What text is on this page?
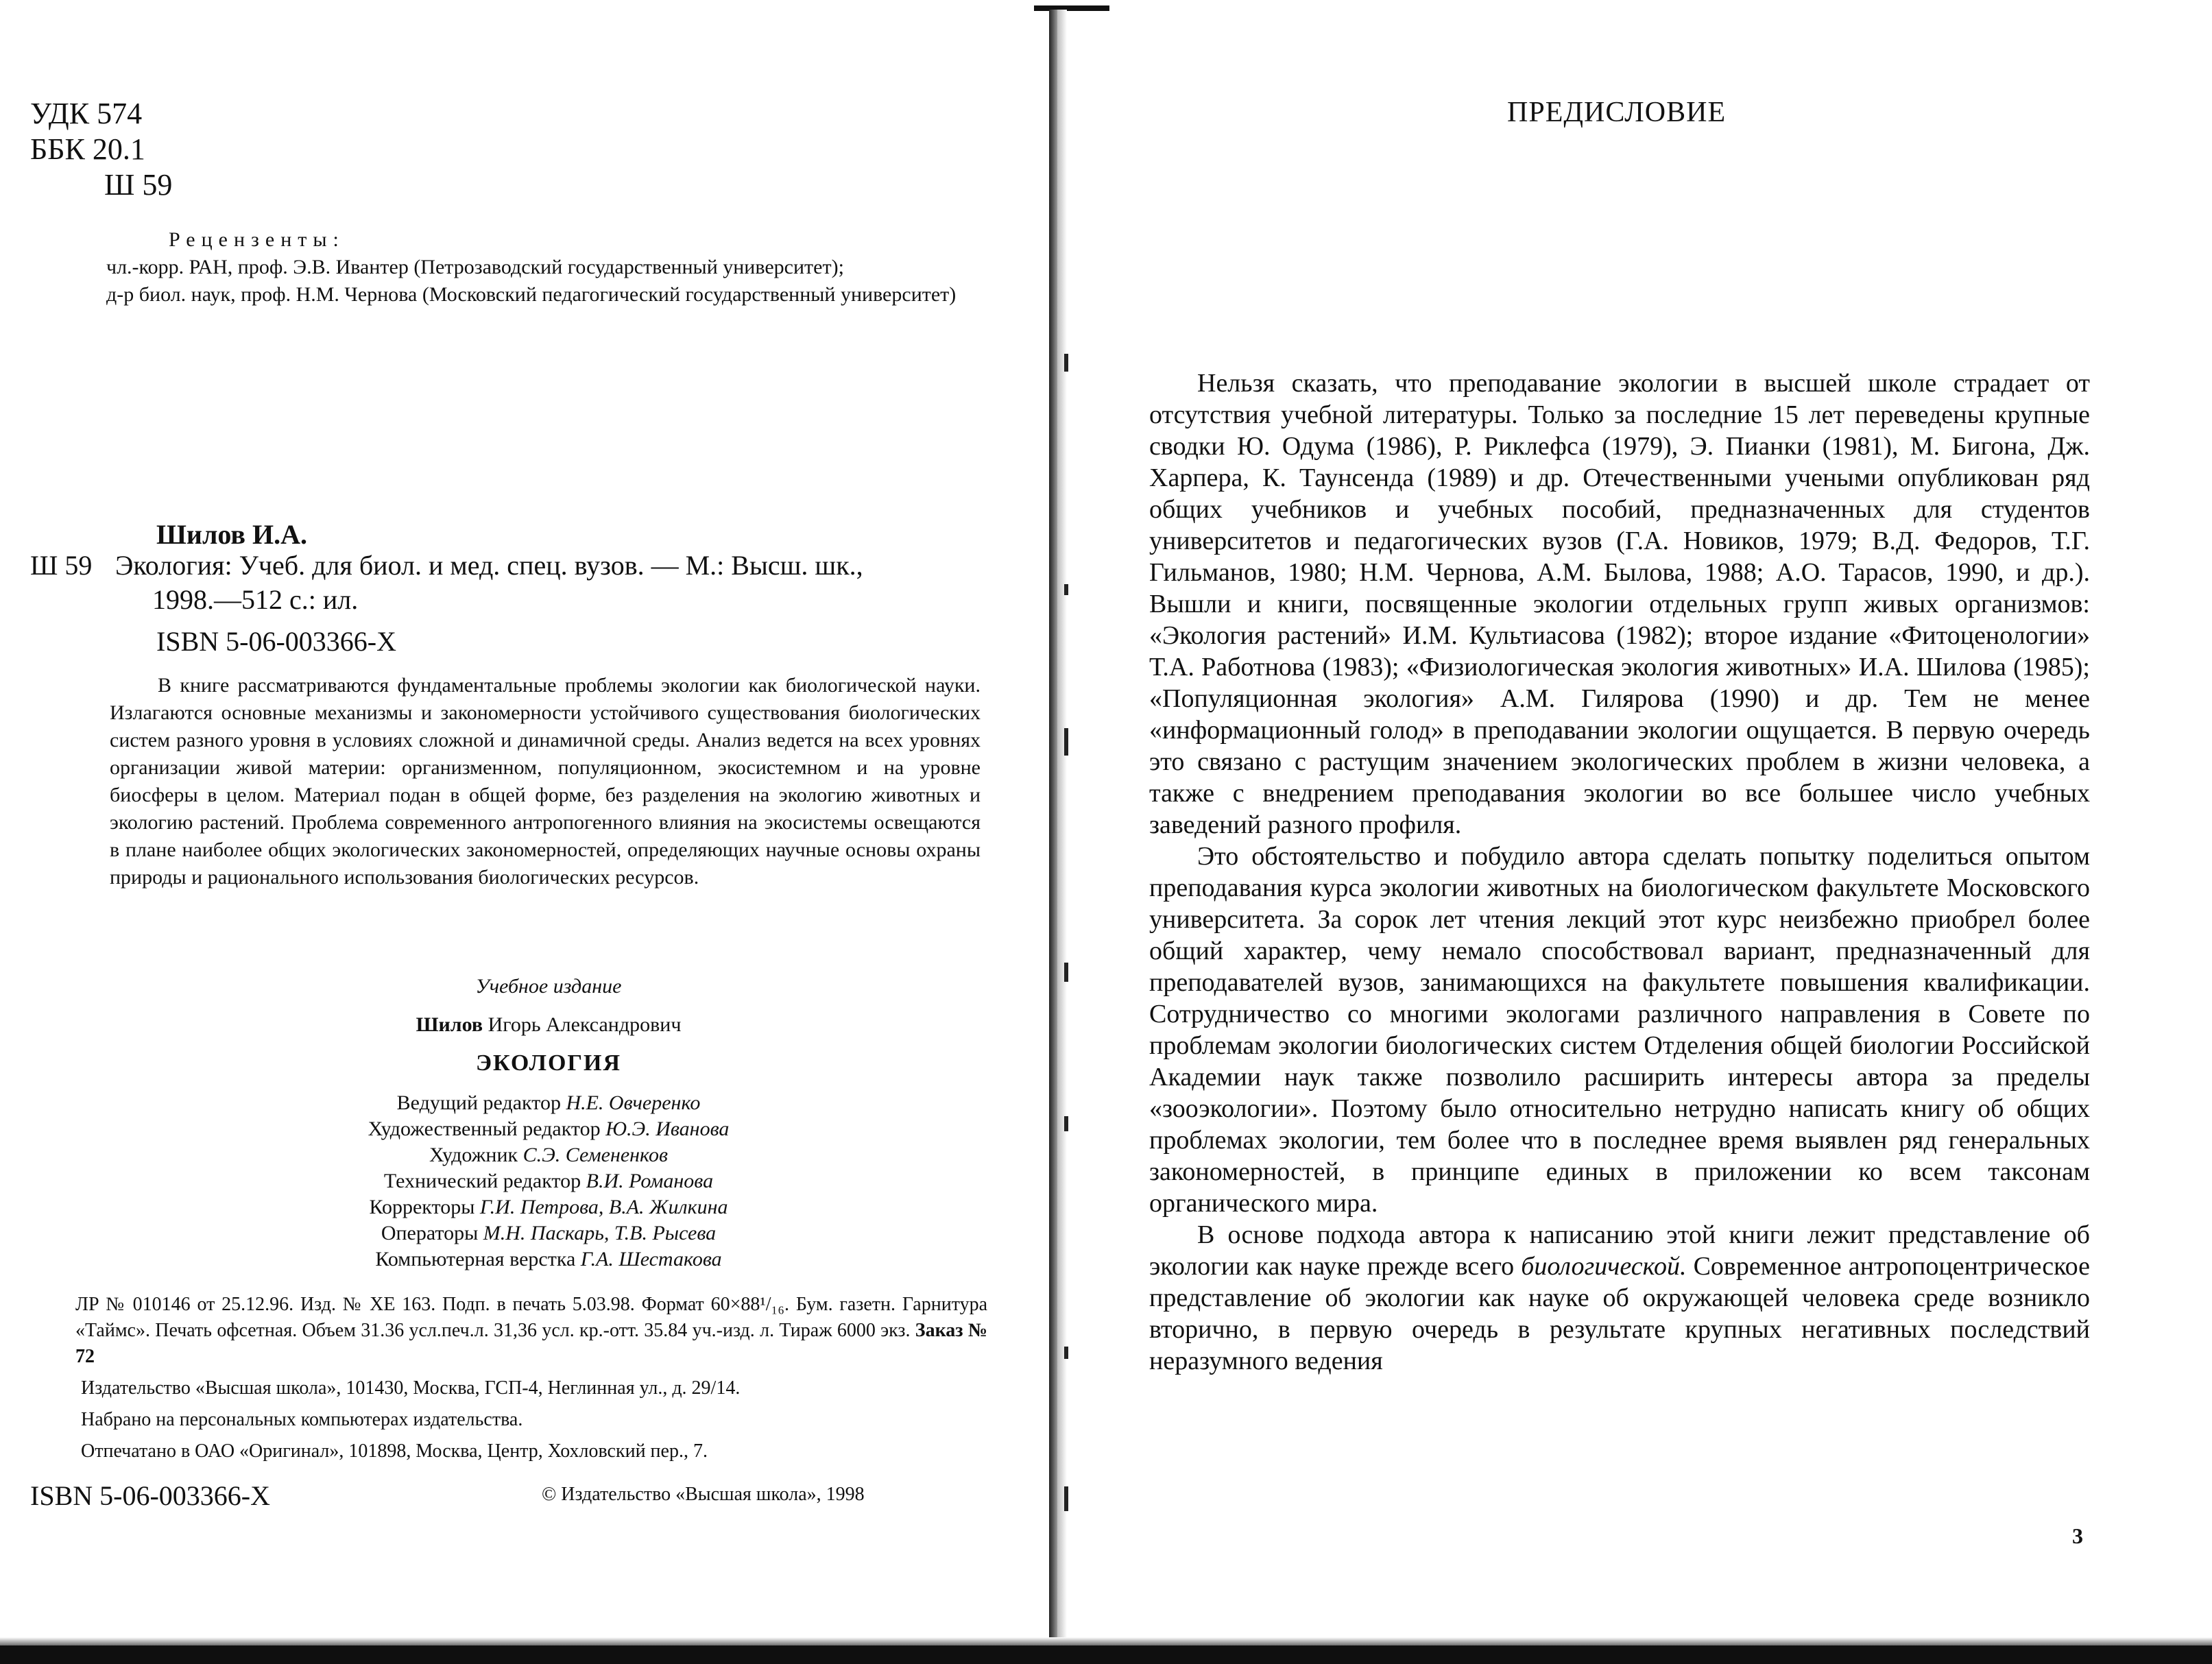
УДК 574
ББК 20.1
Ш 59
Рецензенты:
чл.-корр. РАН, проф. Э.В. Ивантер (Петрозаводский государственный университет);
д-р биол. наук, проф. Н.М. Чернова (Московский педагогический государственный университет)
Шилов И.А.
Ш 59 Экология: Учеб. для биол. и мед. спец. вузов. — М.: Высш. шк.,
1998.—512 с.: ил.
ISBN 5-06-003366-X
В книге рассматриваются фундаментальные проблемы экологии как биологической науки. Излагаются основные механизмы и закономерности устойчивого существования биологических систем разного уровня в условиях сложной и динамичной среды. Анализ ведется на всех уровнях организации живой материи: организменном, популяционном, экосистемном и на уровне биосферы в целом. Материал подан в общей форме, без разделения на экологию животных и экологию растений. Проблема современного антропогенного влияния на экосистемы освещаются в плане наиболее общих экологических закономерностей, определяющих научные основы охраны природы и рационального использования биологических ресурсов.
Учебное издание
Шилов Игорь Александрович
ЭКОЛОГИЯ
Ведущий редактор Н.Е. Овчеренко
Художественный редактор Ю.Э. Иванова
Художник С.Э. Семененков
Технический редактор В.И. Романова
Корректоры Г.И. Петрова, В.А. Жилкина
Операторы М.Н. Паскарь, Т.В. Рысева
Компьютерная верстка Г.А. Шестакова

ЛР № 010146 от 25.12.96. Изд. № ХЕ 163. Подп. в печать 5.03.98. Формат 60×88¹/₁₆. Бум. газетн. Гарнитура «Таймс». Печать офсетная. Объем 31.36 усл.печ.л. 31,36 усл. кр.-отт. 35.84 уч.-изд. л. Тираж 6000 экз. Заказ № 72

Издательство «Высшая школа», 101430, Москва, ГСП-4, Неглинная ул., д. 29/14.

Набрано на персональных компьютерах издательства.

Отпечатано в ОАО «Оригинал», 101898, Москва, Центр, Хохловский пер., 7.

ISBN 5-06-003366-X	© Издательство «Высшая школа», 1998
ПРЕДИСЛОВИЕ

Нельзя сказать, что преподавание экологии в высшей школе страдает от отсутствия учебной литературы. Только за последние 15 лет переведены крупные сводки Ю. Одума (1986), Р. Риклефса (1979), Э. Пианки (1981), М. Бигона, Дж. Харпера, К. Таунсенда (1989) и др. Отечественными учеными опубликован ряд общих учебников и учебных пособий, предназначенных для студентов университетов и педагогических вузов (Г.А. Новиков, 1979; В.Д. Федоров, Т.Г. Гильманов, 1980; Н.М. Чернова, А.М. Былова, 1988; А.О. Тарасов, 1990, и др.). Вышли и книги, посвященные экологии отдельных групп живых организмов: «Экология растений» И.М. Культиасова (1982); второе издание «Фитоценологии» Т.А. Работнова (1983); «Физиологическая экология животных» И.А. Шилова (1985); «Популяционная экология» А.М. Гилярова (1990) и др. Тем не менее «информационный голод» в преподавании экологии ощущается. В первую очередь это связано с растущим значением экологических проблем в жизни человека, а также с внедрением преподавания экологии во все большее число учебных заведений разного профиля.

Это обстоятельство и побудило автора сделать попытку поделиться опытом преподавания курса экологии животных на биологическом факультете Московского университета. За сорок лет чтения лекций этот курс неизбежно приобрел более общий характер, чему немало способствовал вариант, предназначенный для преподавателей вузов, занимающихся на факультете повышения квалификации. Сотрудничество со многими экологами различного направления в Совете по проблемам экологии биологических систем Отделения общей биологии Российской Академии наук также позволило расширить интересы автора за пределы «зооэкологии». Поэтому было относительно нетрудно написать книгу об общих проблемах экологии, тем более что в последнее время выявлен ряд генеральных закономерностей, в принципе единых в приложении ко всем таксонам органического мира.

В основе подхода автора к написанию этой книги лежит представление об экологии как науке прежде всего биологической. Современное антропоцентрическое представление об экологии как науке об окружающей человека среде возникло вторично, в первую очередь в результате крупных негативных последствий неразумного ведения

3
